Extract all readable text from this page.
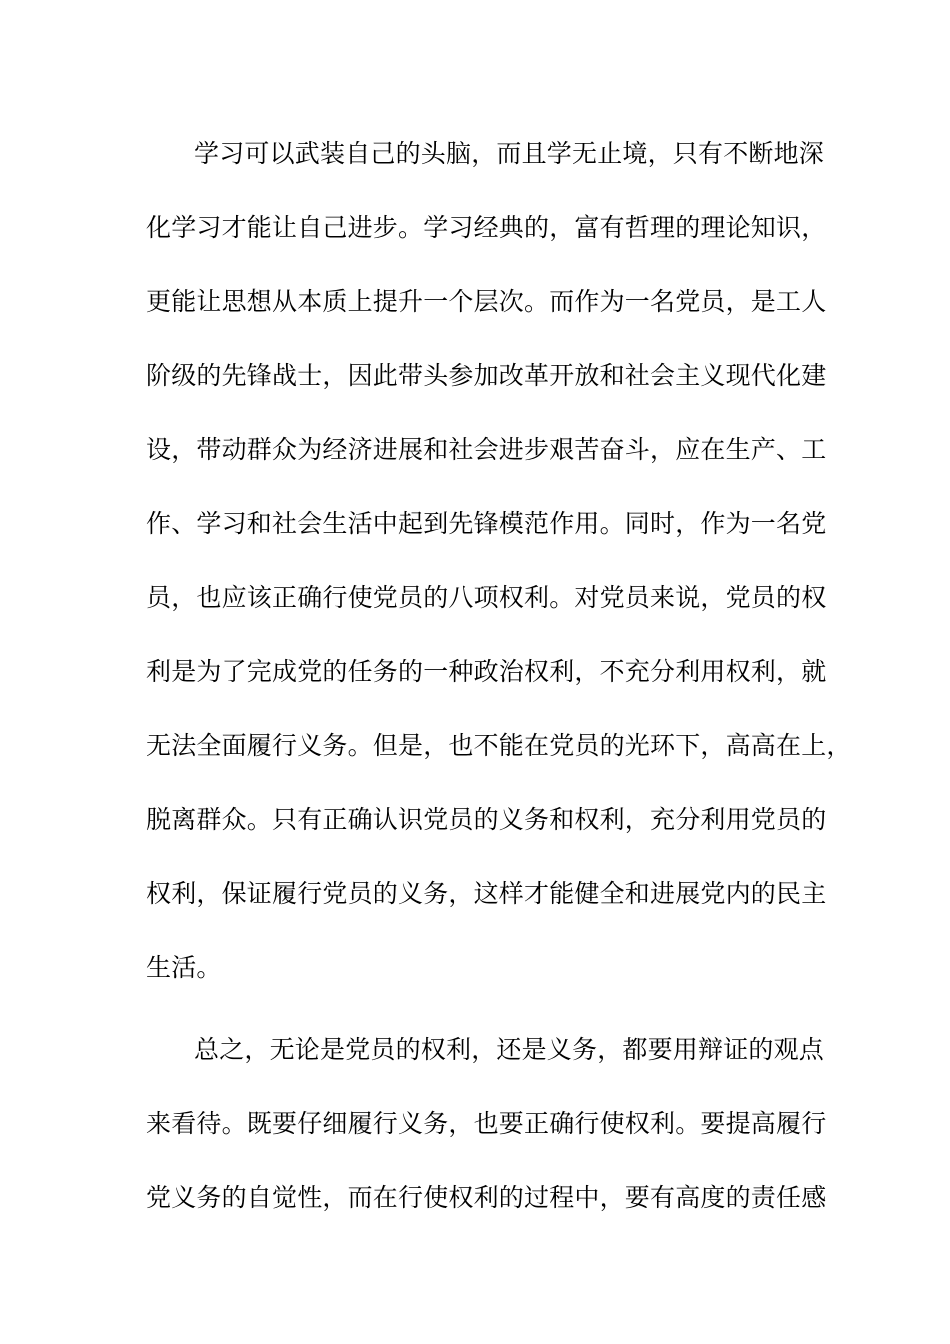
学习可以武装自己的头脑，而且学无止境，只有不断地深
化学习才能让自己进步。学习经典的，富有哲理的理论知识，
更能让思想从本质上提升一个层次。而作为一名党员，是工人
阶级的先锋战士，因此带头参加改革开放和社会主义现代化建
设，带动群众为经济进展和社会进步艰苦奋斗，应在生产、工
作、学习和社会生活中起到先锋模范作用。同时，作为一名党
员，也应该正确行使党员的八项权利。对党员来说，党员的权
利是为了完成党的任务的一种政治权利，不充分利用权利，就
无法全面履行义务。但是，也不能在党员的光环下，高高在上，
脱离群众。只有正确认识党员的义务和权利，充分利用党员的
权利，保证履行党员的义务，这样才能健全和进展党内的民主
生活。
总之，无论是党员的权利，还是义务，都要用辩证的观点
来看待。既要仔细履行义务，也要正确行使权利。要提高履行
党义务的自觉性，而在行使权利的过程中，要有高度的责任感
